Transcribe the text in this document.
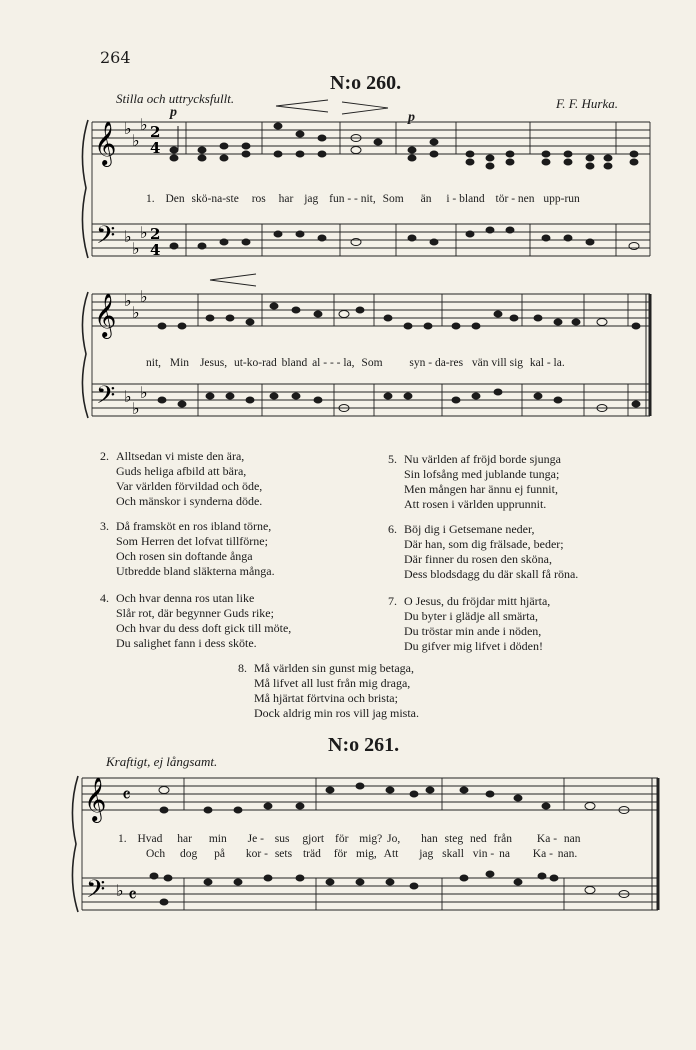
264
N:o 260.
Stilla och uttrycksfullt.	F. F. Hurka.
p	p
𝄞
𝄢
♭
♭
♭
♭
♭
♭
2
4
2
4
1. Den skö-na-ste ros har jag fun - - nit, Som än i - bland tör - nen upp-run
𝄞
𝄢
♭
♭
♭
♭
♭
♭
nit, Min Jesus, ut-ko-rad bland al - - - la, Som syn - da-res vän vill sig kal - la.
2. Alltsedan vi miste den ära,
Guds heliga afbild att bära,
Var världen förvildad och öde,
Och mänskor i synderna döde.
3. Då framsköt en ros ibland törne,
Som Herren det lofvat tillförne;
Och rosen sin doftande ånga
Utbredde bland släkterna många.
4. Och hvar denna ros utan like
Slår rot, där begynner Guds rike;
Och hvar du dess doft gick till möte,
Du salighet fann i dess sköte.
5. Nu världen af fröjd borde sjunga
Sin lofsång med jublande tunga;
Men mången har ännu ej funnit,
Att rosen i världen upprunnit.
6. Böj dig i Getsemane neder,
Där han, som dig frälsade, beder;
Där finner du rosen den sköna,
Dess blodsdagg du där skall få röna.
7. O Jesus, du fröjdar mitt hjärta,
Du byter i glädje all smärta,
Du tröstar min ande i nöden,
Du gifver mig lifvet i döden!
8. Må världen sin gunst mig betaga,
Må lifvet all lust från mig draga,
Må hjärtat förtvina och brista;
Dock aldrig min ros vill jag mista.
N:o 261.
Kraftigt, ej långsamt.
𝄞
𝄢 ♭
𝄴
𝄴
1. Hvad har min Je - sus gjort för mig? Jo, han steg ned från Ka - nan
Och dog på kor - sets träd för mig, Att jag skall vin - na Ka - nan.
